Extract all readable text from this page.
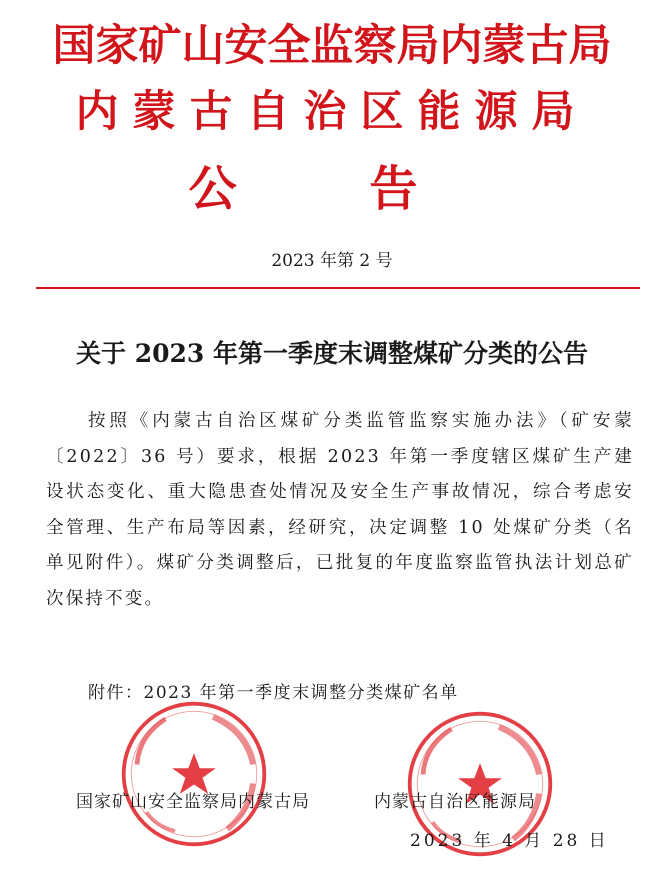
国家矿山安全监察局内蒙古局
内蒙古自治区能源局
公 告
2023 年第 2 号
关于 2023 年第一季度末调整煤矿分类的公告
按照《内蒙古自治区煤矿分类监管监察实施办法》（矿安蒙〔2022〕36 号）要求，根据 2023 年第一季度辖区煤矿生产建设状态变化、重大隐患查处情况及安全生产事故情况，综合考虑安全管理、生产布局等因素，经研究，决定调整 10 处煤矿分类（名单见附件）。煤矿分类调整后，已批复的年度监察监管执法计划总矿次保持不变。
附件：2023 年第一季度末调整分类煤矿名单
国家矿山安全监察局内蒙古局	内蒙古自治区能源局
2023 年 4 月 28 日
